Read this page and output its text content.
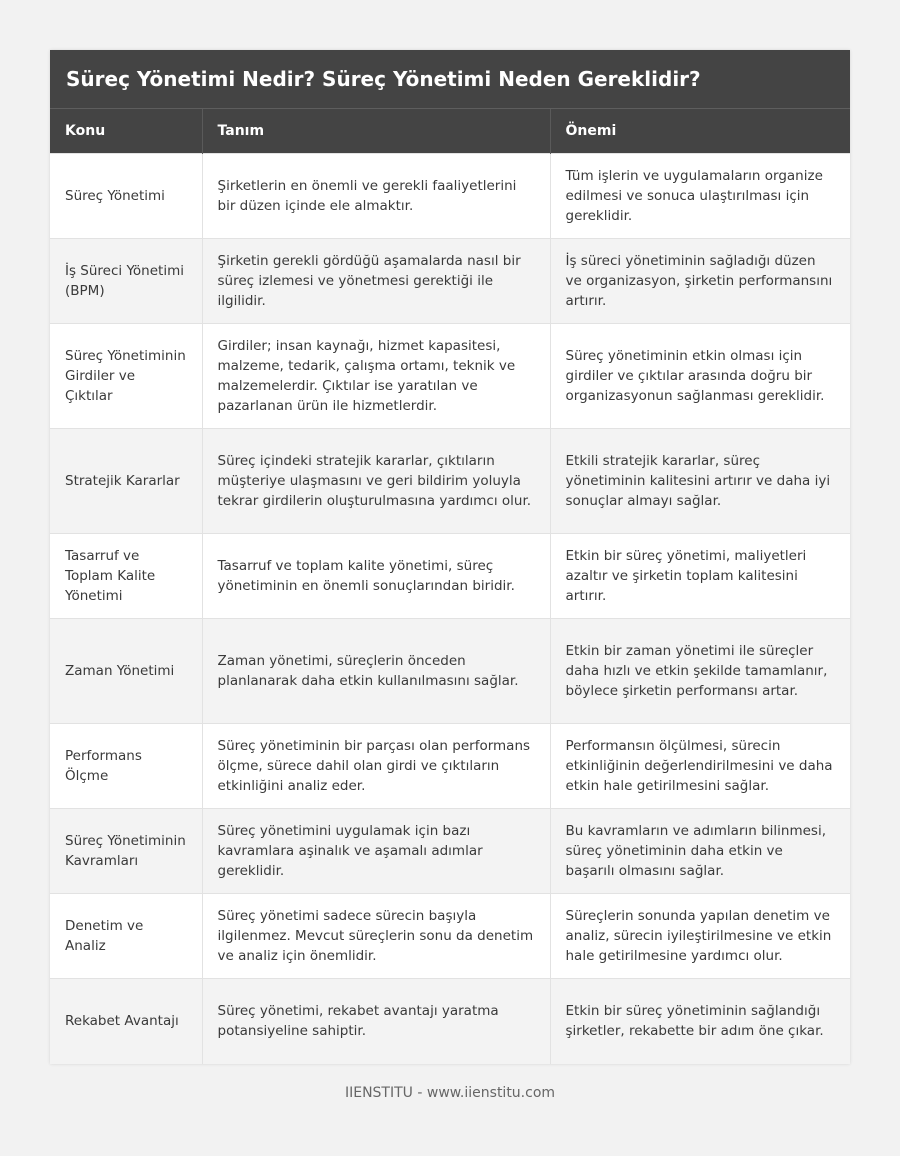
Süreç Yönetimi Nedir? Süreç Yönetimi Neden Gereklidir?
Konu	Tanım	Önemi
Süreç Yönetimi	Şirketlerin en önemli ve gerekli faaliyetlerini bir düzen içinde ele almaktır.	Tüm işlerin ve uygulamaların organize edilmesi ve sonuca ulaştırılması için gereklidir.
İş Süreci Yönetimi (BPM)	Şirketin gerekli gördüğü aşamalarda nasıl bir süreç izlemesi ve yönetmesi gerektiği ile ilgilidir.	İş süreci yönetiminin sağladığı düzen ve organizasyon, şirketin performansını artırır.
Süreç Yönetiminin Girdiler ve Çıktılar	Girdiler; insan kaynağı, hizmet kapasitesi, malzeme, tedarik, çalışma ortamı, teknik ve malzemelerdir. Çıktılar ise yaratılan ve pazarlanan ürün ile hizmetlerdir.	Süreç yönetiminin etkin olması için girdiler ve çıktılar arasında doğru bir organizasyonun sağlanması gereklidir.
Stratejik Kararlar	Süreç içindeki stratejik kararlar, çıktıların müşteriye ulaşmasını ve geri bildirim yoluyla tekrar girdilerin oluşturulmasına yardımcı olur.	Etkili stratejik kararlar, süreç yönetiminin kalitesini artırır ve daha iyi sonuçlar almayı sağlar.
Tasarruf ve Toplam Kalite Yönetimi	Tasarruf ve toplam kalite yönetimi, süreç yönetiminin en önemli sonuçlarından biridir.	Etkin bir süreç yönetimi, maliyetleri azaltır ve şirketin toplam kalitesini artırır.
Zaman Yönetimi	Zaman yönetimi, süreçlerin önceden planlanarak daha etkin kullanılmasını sağlar.	Etkin bir zaman yönetimi ile süreçler daha hızlı ve etkin şekilde tamamlanır, böylece şirketin performansı artar.
Performans Ölçme	Süreç yönetiminin bir parçası olan performans ölçme, sürece dahil olan girdi ve çıktıların etkinliğini analiz eder.	Performansın ölçülmesi, sürecin etkinliğinin değerlendirilmesini ve daha etkin hale getirilmesini sağlar.
Süreç Yönetiminin Kavramları	Süreç yönetimini uygulamak için bazı kavramlara aşinalık ve aşamalı adımlar gereklidir.	Bu kavramların ve adımların bilinmesi, süreç yönetiminin daha etkin ve başarılı olmasını sağlar.
Denetim ve Analiz	Süreç yönetimi sadece sürecin başıyla ilgilenmez. Mevcut süreçlerin sonu da denetim ve analiz için önemlidir.	Süreçlerin sonunda yapılan denetim ve analiz, sürecin iyileştirilmesine ve etkin hale getirilmesine yardımcı olur.
Rekabet Avantajı	Süreç yönetimi, rekabet avantajı yaratma potansiyeline sahiptir.	Etkin bir süreç yönetiminin sağlandığı şirketler, rekabette bir adım öne çıkar.
IIENSTITU - www.iienstitu.com
